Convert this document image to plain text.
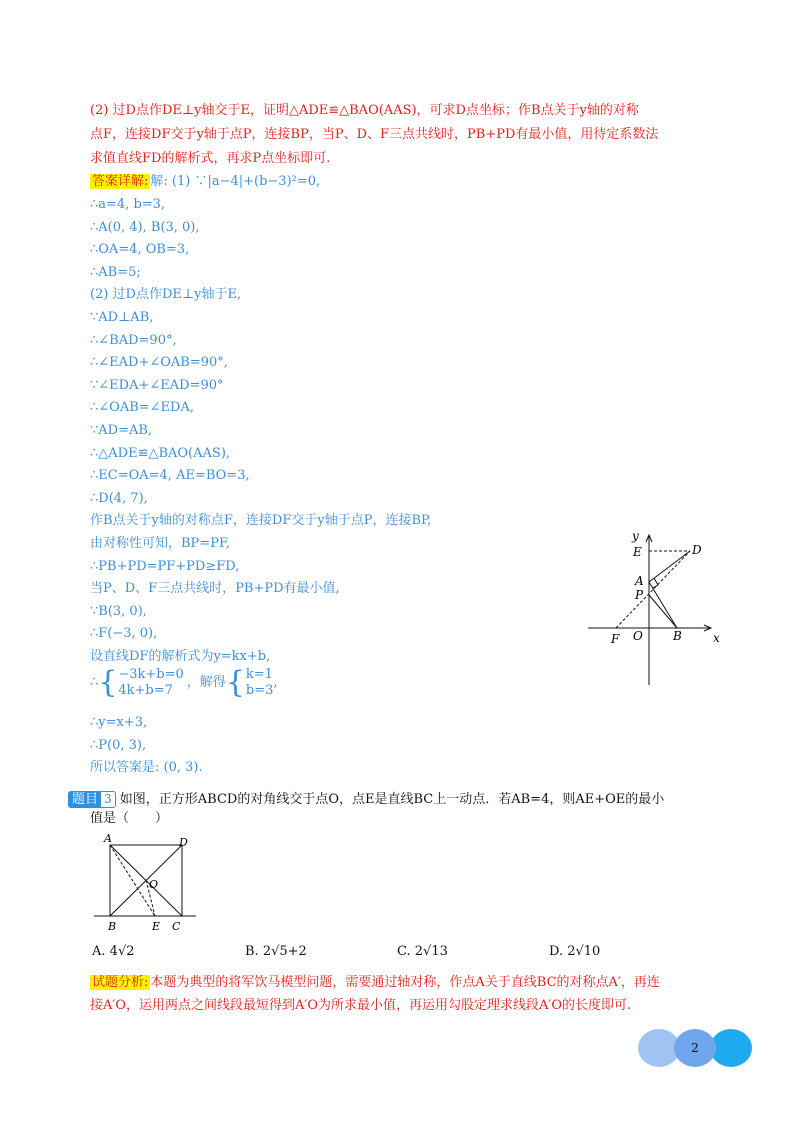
(2) 过D点作DE⊥y轴交于E，证明△ADE≌△BAO(AAS)，可求D点坐标；作B点关于y轴的对称
点F，连接DF交于y轴于点P，连接BP，当P、D、F三点共线时，PB+PD有最小值，用待定系数法
求值直线FD的解析式，再求P点坐标即可.
答案详解: 解: (1) ∵|a−4|+(b−3)²=0,
∴a=4, b=3,
∴A(0, 4), B(3, 0),
∴OA=4, OB=3,
∴AB=5;
(2) 过D点作DE⊥y轴于E,
∵AD⊥AB,
∴∠BAD=90°,
∴∠EAD+∠OAB=90°,
∵∠EDA+∠EAD=90°
∴∠OAB=∠EDA,
∵AD=AB,
∴△ADE≌△BAO(AAS),
∴EC=OA=4, AE=BO=3,
∴D(4, 7),
作B点关于y轴的对称点F，连接DF交于y轴于点P，连接BP,
由对称性可知，BP=PF,
∴PB+PD=PF+PD≥FD,
当P、D、F三点共线时，PB+PD有最小值,
∵B(3, 0),
∴F(−3, 0),
设直线DF的解析式为y=kx+b,
∴{−3k+b=0
4k+b=7，解得{k=1
b=3,
∴y=x+3,
∴P(0, 3),
所以答案是: (0, 3).
y
E	D
A
P
F O	B	x
题目 3 如图，正方形ABCD的对角线交于点O，点E是直线BC上一动点．若AB=4，则AE+OE的最小
值是（　　）
A	D
O
B	E C
A. 4√2	B. 2√5+2	C. 2√13	D. 2√10
试题分析: 本题为典型的将军饮马模型问题，需要通过轴对称，作点A关于直线BC的对称点A′，再连
接A′O，运用两点之间线段最短得到A′O为所求最小值，再运用勾股定理求线段A′O的长度即可.
2
